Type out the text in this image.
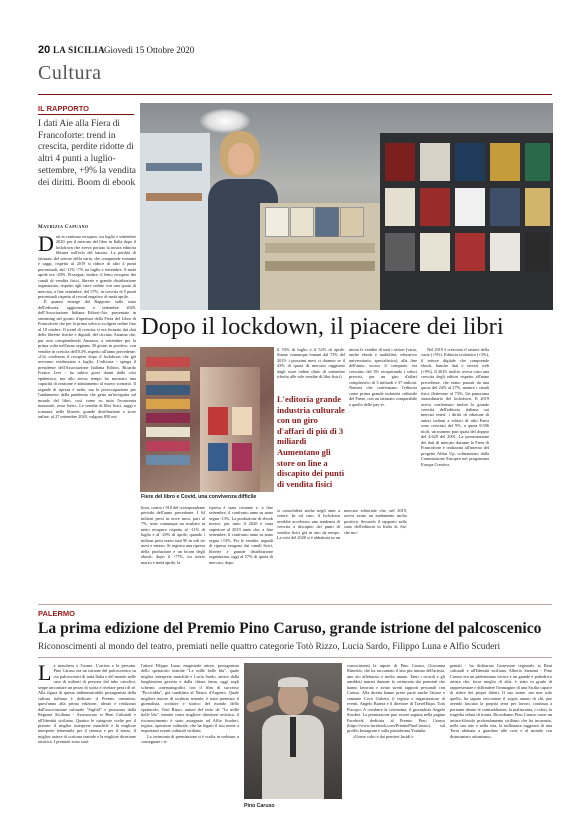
20 LA SICILIA Giovedì 15 Ottobre 2020
Cultura
IL RAPPORTO
I dati Aie alla Fiera di Francoforte: trend in crescita, perdite ridotte di altri 4 punti a luglio-settembre, +9% la vendita dei diritti. Boom di ebook
Maurizia Capuano
D ati in continuo recupero, tra luglio e settembre 2020, per il mercato del libro in Italia dopo il lockdown che aveva portato la nostra editoria libraria sull'orlo del baratro. La perdita di fatturato del settore della varia, che comprende romanzi e saggi, rispetto al 2019 si riduce di altri 4 punti percentuali, dal -11% -7% tra luglio e settembre. A metà aprile era -20%. Prosegue, inoltre, il lento recupero dei canali di vendita fisici, librerie e grande distribuzione organizzata, rispetto agli store online con una quota di mercato, a fine settembre, del 57%, in crescita di 5 punti percentuali rispetto al record negativo di metà aprile.

È quanto emerge dal Rapporto sullo stato dell'editoria, aggiornato a settembre 2020, dell'Associazione Italiana Editori-Aie, presentato in streaming nel giorno d'apertura della Fiera del Libro di Francoforte che per la prima volta si svolgerà online fino al 18 ottobre. Il trend di crescita si era fermato dai dati delle librerie fisiche e digitali, del circuito Arianna che, pur non comprendendo Amazon, a settembre per la prima volta nell'anno segnano 30 giorni in positivo, con vendite in crescita dell'0,3% rispetto all'anno precedente. «Ciò conferma il recupero dopo il lockdown che già avevamo evidenziato a luglio. L'editoria - spiega il presidente dell'Associazione Italiana Editori, Ricardo Franco Levi - ha subito gravi danni dalla crisi epidemica, ma allo stesso tempo ha mostrato una capacità di reazione e adattamento al nuovo scenario. Il segnale di ripresa è netto, ma la preoccupazione per l'andamento della pandemia che getta un'incognita sul mondo del libro, così come su tutta l'economia nazionale, resta forte». Le vendite di libri fisici, saggi e romanzi, nelle librerie, grande distribuzione e store online, al 27 settembre 2020, valgono 850 mi-

Dopo il lockdown, il piacere dei libri
Fiere del libro e Covid, una convivenza difficile

lioni, contro i 918 del corrispondente periodo dell'anno precedente. I 64 milioni persi in nove mesi, pari al 7%, sono comunque un risultato in netto recupero rispetto al -11% di luglio e al -20% di aprile, quando i milioni persi erano stati 90 in soli tre mesi e mezzo. Si registra una ripresa della produzione e un boom degli ebook: dopo il -77%, tra inizio marzo e metà aprile, la

ripresa è stata costante e, a fine settembre, il confronto anno su anno segna -13%. La produzione di ebook invece, per tutto il 2020 è stata superiore al 2019 tanto che, a fine settembre, il confronto anno su anno segna +13%. Per le vendite, segnali di ripresa vengono dai canali fisici, librerie e grande distribuzione organizzata, oggi al 57% di quota di mercato, dopo

il 53% di luglio e il 52% di aprile. Siamo comunque lontani dal 73% del 2019: i prossimi mesi ci diranno se il 43% di quota di mercato raggiunto dagli store online (dato di settembre riferito alle sole vendite di libri fisici)

L'editoria grande industria culturale con un giro d'affari di più di 3 miliardi Aumentano gli store on line a discapito dei punti di vendita fisici

si consoliderà anche negli anni a venire. In tal caso, il lockdown avrebbe accelerato una tendenza di crescita a discapito dei punti di vendita fisici già in atto da tempo. La crisi del 2020 si è abbattuta su un mercato editoriale che, nel 2019, aveva avuto un andamento molto positivo. Secondo il rapporto sullo stato dell'editoria in Italia di Aie, che mo-

nitora le vendite di tutti i settori (varia, anche ebook e audiolibri, educativo universitario, specialistico), alla fine dell'anno scorso il comparto era cresciuto del 3% recuperando i valori precrisi, per un giro d'affari complessivo di 3 miliardi e 37 milioni. Numeri che confermano l'editoria come prima grande industria culturale del Paese, con un fatturato comparabile a quello delle pay-tv.

Nel 2019 è cresciuto il settore della varia (+5%). Editoria scolastica (+3%), il settore digitale che comprende ebook, banche dati e servizi web (+9%). Il 2019, inoltre, aveva visto una crescita degli editori rispetto all'anno precedente, che erano passati da una quota del 24% al 27%, mentre i canali fisici flettevano al 73%. Un panorama straordinario del lockdown. Il 2019 aveva confermato inoltre la grande crescita dell'editoria italiana sui mercati esteri: i diritti di edizione di autori italiani a editori di altri Paesi sono cresciuti del 9%, a quota 8.596 titoli, un numero pari quasi del doppio del 4.629 del 2001. La presentazione dei dati di mercato durante la Fiera di Francoforte è realizzata all'interno del progetto Aldus Up, cofinanziato dalla Commissione Europea nel programma Europa Creativa.

PALERMO
La prima edizione del Premio Pino Caruso, grande istrione del palcoscenico
Riconoscimenti al mondo del teatro, premiati nelle quattro categorie Totò Rizzo, Lucia Sardo, Filippo Luna e Alfio Scuderi
L a maschera e l'uomo. L'artista e la persona. Pino Caruso era un istrione del palcoscenico su cui palcoscenici di tutta Italia e del mondo nelle case di milioni di persone dal tubo catodico, seppe raccontare un pezzo di storia e rivelare pezzi di sé. Alla figura di questo indimenticabile protagonista della cultura italiana è dedicato il Premio omonimo, quest'anno alla prima edizione, ideato e realizzato dall'associazione culturale "Sigfrid" e promosso dalla Regione Siciliana - Assessorato ai Beni Culturali e all'Identità siciliana. Quattro le categorie scelte per il premio: il miglior interprete maschile e la migliore interprete femminile per il cinema e per il teatro, il miglior autore di scrittura teatrale e la migliore direzione artistica. I premiati sono stati:

l'attore Filippo Luna, magistrale attore, protagonista dello spettacolo teatrale "Le mille bolle blu", quale miglior interprete maschile e Lucia Sardo, attrice dalla lunghissima gavetta e dalla chiara fama, oggi sugli schermi cinematografici con il film di successo "Picciridda", già candidata al Nastro d'Argento. Quale migliore autore di scrittura teatrale, è stato premiato il giornalista, scrittore e storico del mondo dello spettacolo, Totò Rizzo, autore del testo de "Le mille bolle blu", mentre come migliore direzione artistica, il riconoscimento è stato assegnato ad Alfio Scuderi, regista, operatore culturale, che ha legato il suo nome a importanti eventi culturali siciliani.

La cerimonia di premiazione si è svolta in webinar, a consegnare i ri-

Pino Caruso

conoscimenti la nipote di Pino Caruso, Giovanna Rimedio, che ha raccontato il lato più intimo dell'artista, uno zio affettuoso e molto amato. Tanti i ricordi e gli aneddoti narrati durante la cerimonia dai premiati che hanno lavorato e avuto stretti rapporti personali con Caruso. Alla diretta hanno preso parte anche l'attore e cantante Cocò Gulotta, il regista e organizzatore di eventi, Angelo Butera e il direttore di TravelEtipo, Totò Piscopo. A condurre la cerimonia, il giornalista Angelo Scuderi. La premiazione può essere seguita nella pagina Facebook dedicata al Premio Pino Caruso (https://www.facebook.com/PremioPinoCaruso), sul profilo Instagram e sulla piattaforma Youtube.

«Uomo colto e dai pensieri lucidi e

geniali - ha dichiarato l'assessore regionale ai Beni culturali e all'Identità siciliana, Alberto Samonà - Pino Caruso era un palermitano verace e un grande e poliedrico artista che, forse meglio di altri, è stato in grado di rappresentare e diffondere l'immagine di una Sicilia capace di ridere dei propri difetti. Il suo nome, ma non solo quello, ha saputo raccontare il sogno amaro di chi, pur avendo lasciato la propria terra per lavoro, continua a portarne dentro le contraddizioni, la malinconia, i colori, la tragedia velata di ironia. Ricordiamo Pino Caruso come un artista-filosofo profondamente siciliano che ha incarnato, nella sua arte e nella vita, la millenaria saggezza di una Terra abituata a guardare alle cose e al mondo con disincantato ottimismo».
